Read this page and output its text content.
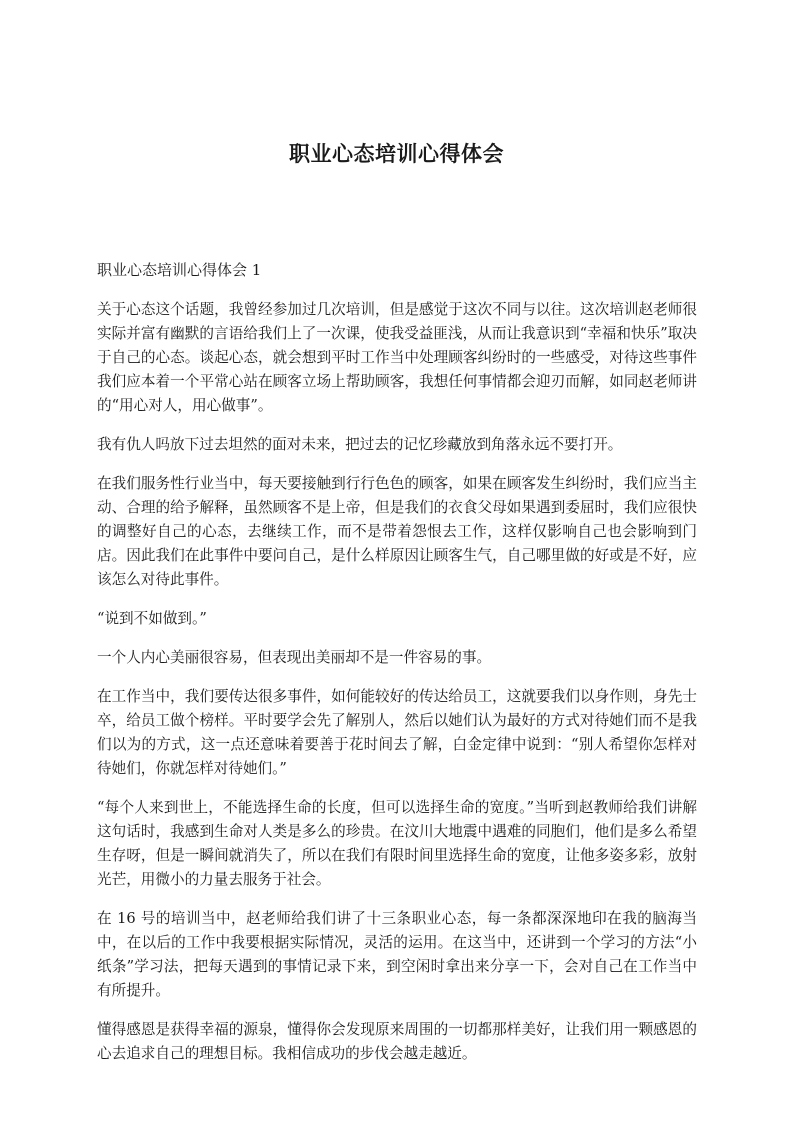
职业心态培训心得体会

职业心态培训心得体会 1

关于心态这个话题，我曾经参加过几次培训，但是感觉于这次不同与以往。这次培训赵老师很实际并富有幽默的言语给我们上了一次课，使我受益匪浅，从而让我意识到“幸福和快乐”取决于自己的心态。谈起心态，就会想到平时工作当中处理顾客纠纷时的一些感受，对待这些事件我们应本着一个平常心站在顾客立场上帮助顾客，我想任何事情都会迎刃而解，如同赵老师讲的“用心对人，用心做事”。

我有仇人吗放下过去坦然的面对未来，把过去的记忆珍藏放到角落永远不要打开。

在我们服务性行业当中，每天要接触到行行色色的顾客，如果在顾客发生纠纷时，我们应当主动、合理的给予解释，虽然顾客不是上帝，但是我们的衣食父母如果遇到委屈时，我们应很快的调整好自己的心态，去继续工作，而不是带着怨恨去工作，这样仅影响自己也会影响到门店。因此我们在此事件中要问自己，是什么样原因让顾客生气，自己哪里做的好或是不好，应该怎么对待此事件。

“说到不如做到。”

一个人内心美丽很容易，但表现出美丽却不是一件容易的事。

在工作当中，我们要传达很多事件，如何能较好的传达给员工，这就要我们以身作则，身先士卒，给员工做个榜样。平时要学会先了解别人，然后以她们认为最好的方式对待她们而不是我们以为的方式，这一点还意味着要善于花时间去了解，白金定律中说到：“别人希望你怎样对待她们，你就怎样对待她们。”

“每个人来到世上，不能选择生命的长度，但可以选择生命的宽度。”当听到赵教师给我们讲解这句话时，我感到生命对人类是多么的珍贵。在汶川大地震中遇难的同胞们，他们是多么希望生存呀，但是一瞬间就消失了，所以在我们有限时间里选择生命的宽度，让他多姿多彩，放射光芒，用微小的力量去服务于社会。

在 16 号的培训当中，赵老师给我们讲了十三条职业心态，每一条都深深地印在我的脑海当中，在以后的工作中我要根据实际情况，灵活的运用。在这当中，还讲到一个学习的方法“小纸条”学习法，把每天遇到的事情记录下来，到空闲时拿出来分享一下，会对自己在工作当中有所提升。

懂得感恩是获得幸福的源泉，懂得你会发现原来周围的一切都那样美好，让我们用一颗感恩的心去追求自己的理想目标。我相信成功的步伐会越走越近。
